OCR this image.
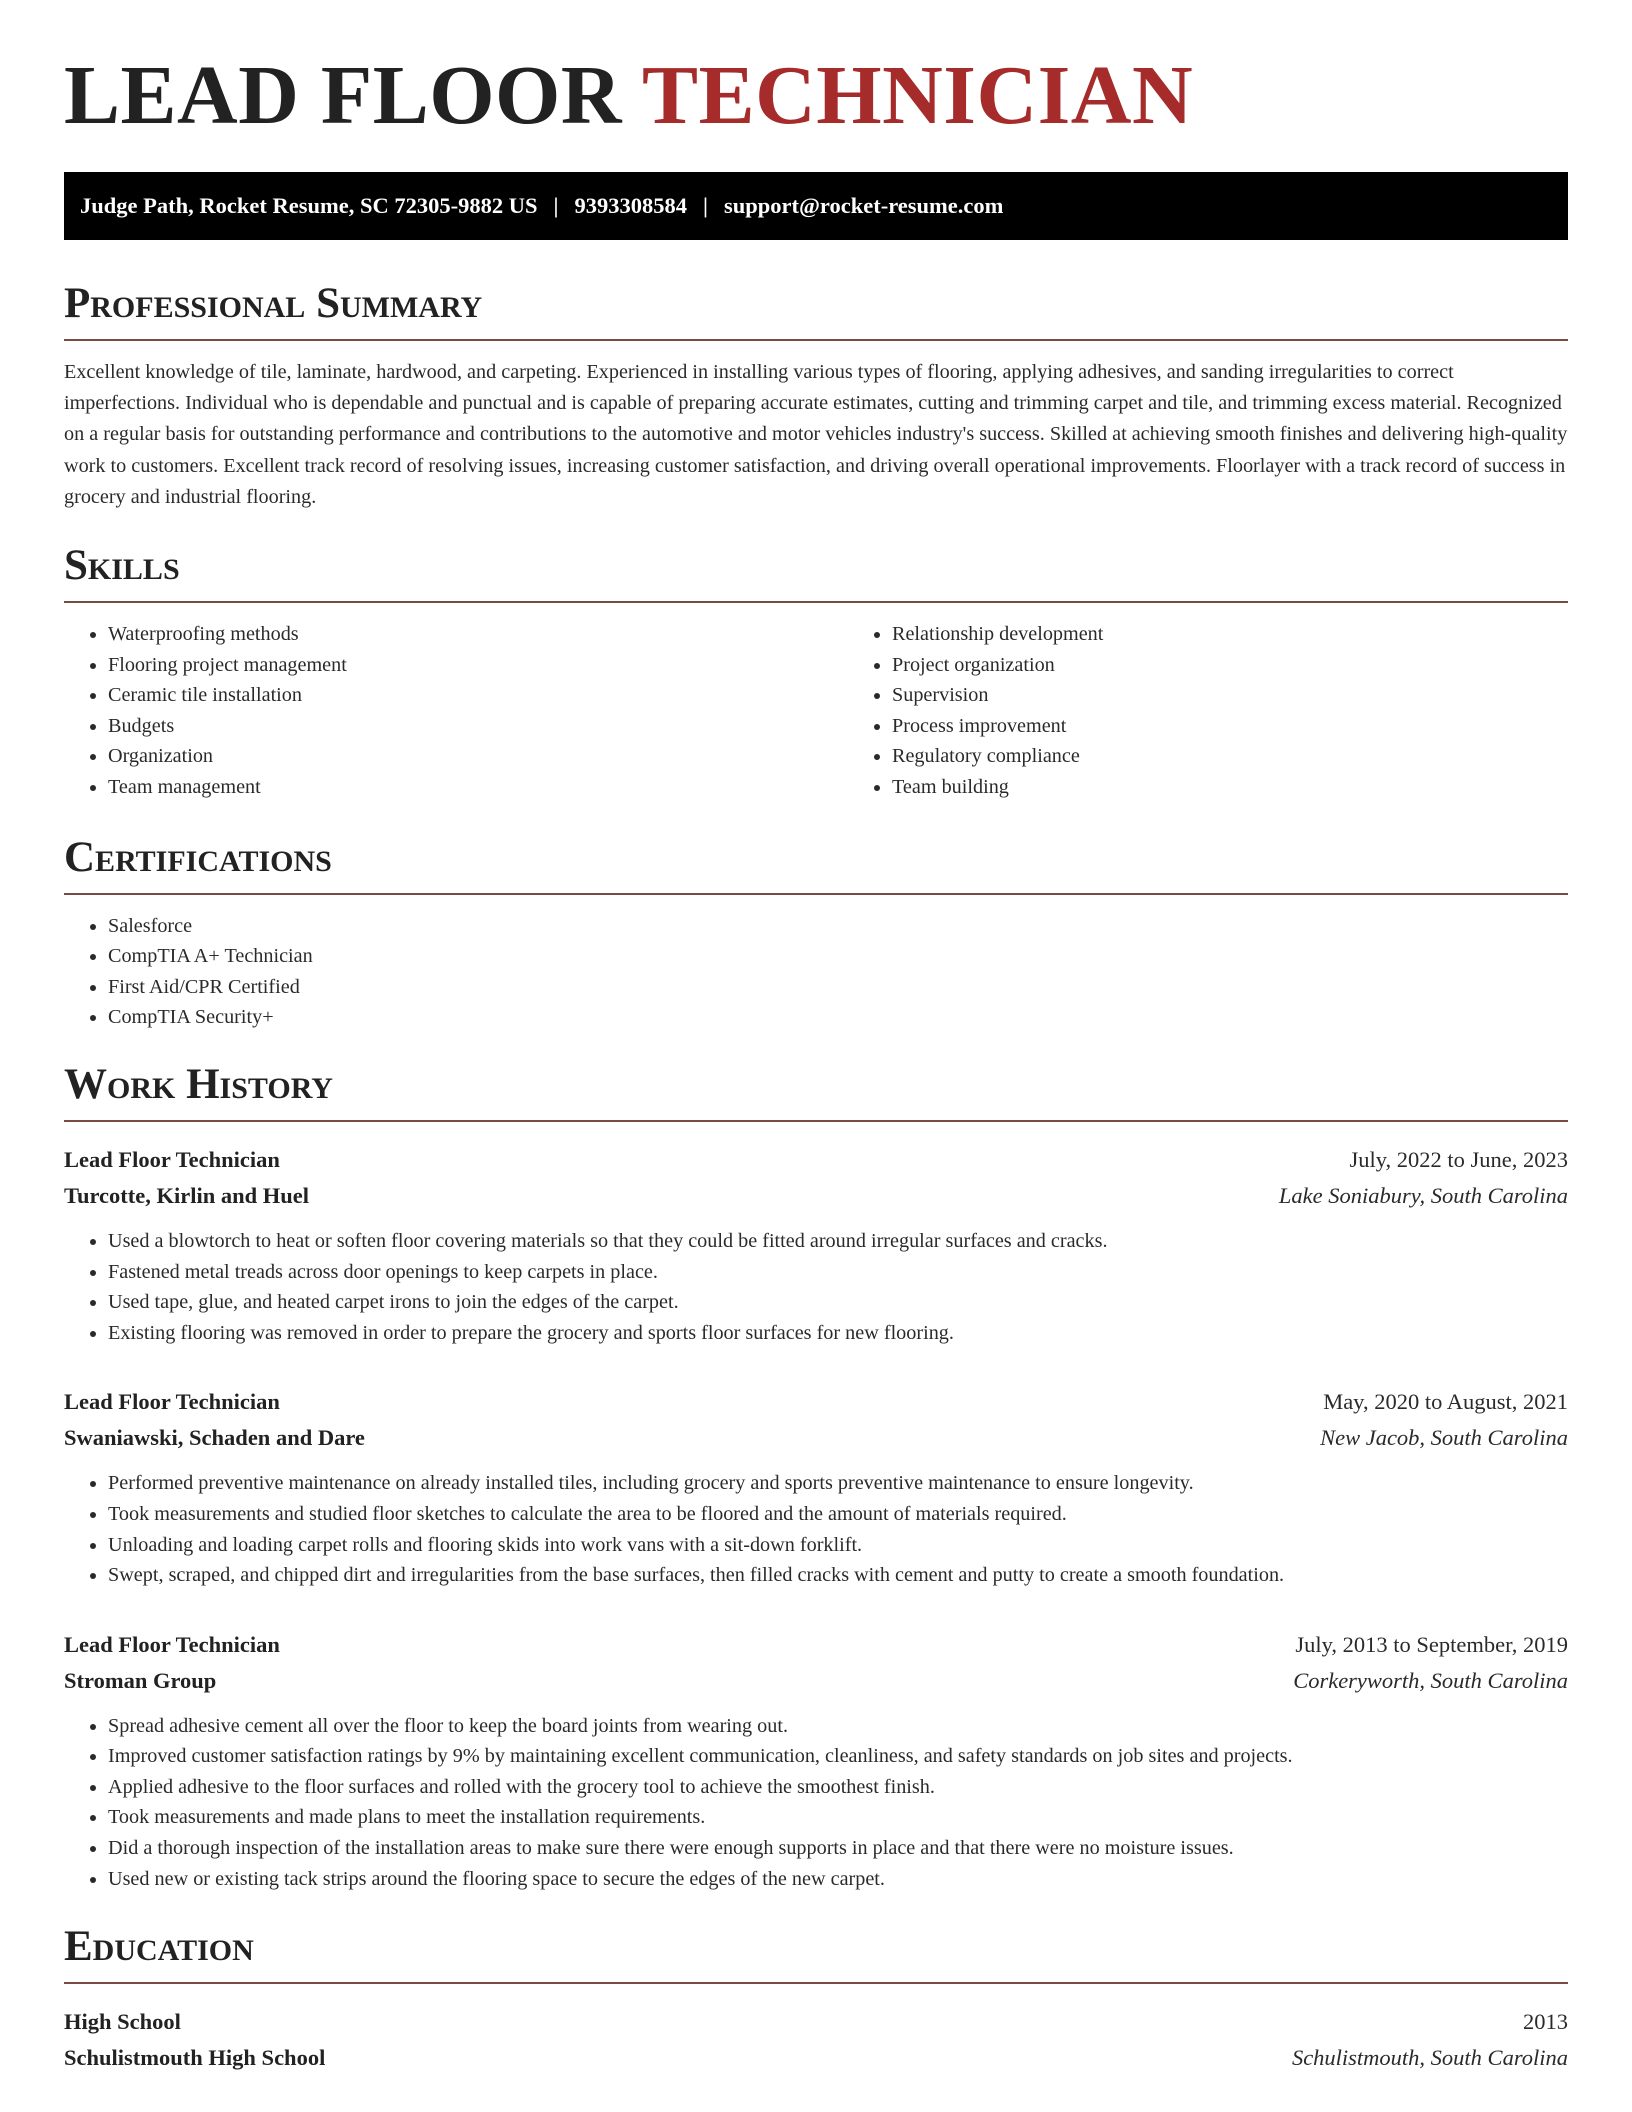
LEAD FLOOR TECHNICIAN
Judge Path, Rocket Resume, SC 72305-9882 US | 9393308584 | support@rocket-resume.com
Professional Summary

Excellent knowledge of tile, laminate, hardwood, and carpeting. Experienced in installing various types of flooring, applying adhesives, and sanding irregularities to correct imperfections. Individual who is dependable and punctual and is capable of preparing accurate estimates, cutting and trimming carpet and tile, and trimming excess material. Recognized on a regular basis for outstanding performance and contributions to the automotive and motor vehicles industry's success. Skilled at achieving smooth finishes and delivering high-quality work to customers. Excellent track record of resolving issues, increasing customer satisfaction, and driving overall operational improvements. Floorlayer with a track record of success in grocery and industrial flooring.

Skills
• Waterproofing methods
• Flooring project management
• Ceramic tile installation
• Budgets
• Organization
• Team management
• Relationship development
• Project organization
• Supervision
• Process improvement
• Regulatory compliance
• Team building
Certifications
• Salesforce
• CompTIA A+ Technician
• First Aid/CPR Certified
• CompTIA Security+
Work History
Lead Floor Technician	July, 2022 to June, 2023
Turcotte, Kirlin and Huel	Lake Soniabury, South Carolina
• Used a blowtorch to heat or soften floor covering materials so that they could be fitted around irregular surfaces and cracks.
• Fastened metal treads across door openings to keep carpets in place.
• Used tape, glue, and heated carpet irons to join the edges of the carpet.
• Existing flooring was removed in order to prepare the grocery and sports floor surfaces for new flooring.
Lead Floor Technician	May, 2020 to August, 2021
Swaniawski, Schaden and Dare	New Jacob, South Carolina
• Performed preventive maintenance on already installed tiles, including grocery and sports preventive maintenance to ensure longevity.
• Took measurements and studied floor sketches to calculate the area to be floored and the amount of materials required.
• Unloading and loading carpet rolls and flooring skids into work vans with a sit-down forklift.
• Swept, scraped, and chipped dirt and irregularities from the base surfaces, then filled cracks with cement and putty to create a smooth foundation.
Lead Floor Technician	July, 2013 to September, 2019
Stroman Group	Corkeryworth, South Carolina
• Spread adhesive cement all over the floor to keep the board joints from wearing out.
• Improved customer satisfaction ratings by 9% by maintaining excellent communication, cleanliness, and safety standards on job sites and projects.
• Applied adhesive to the floor surfaces and rolled with the grocery tool to achieve the smoothest finish.
• Took measurements and made plans to meet the installation requirements.
• Did a thorough inspection of the installation areas to make sure there were enough supports in place and that there were no moisture issues.
• Used new or existing tack strips around the flooring space to secure the edges of the new carpet.
Education
High School	2013
Schulistmouth High School	Schulistmouth, South Carolina
